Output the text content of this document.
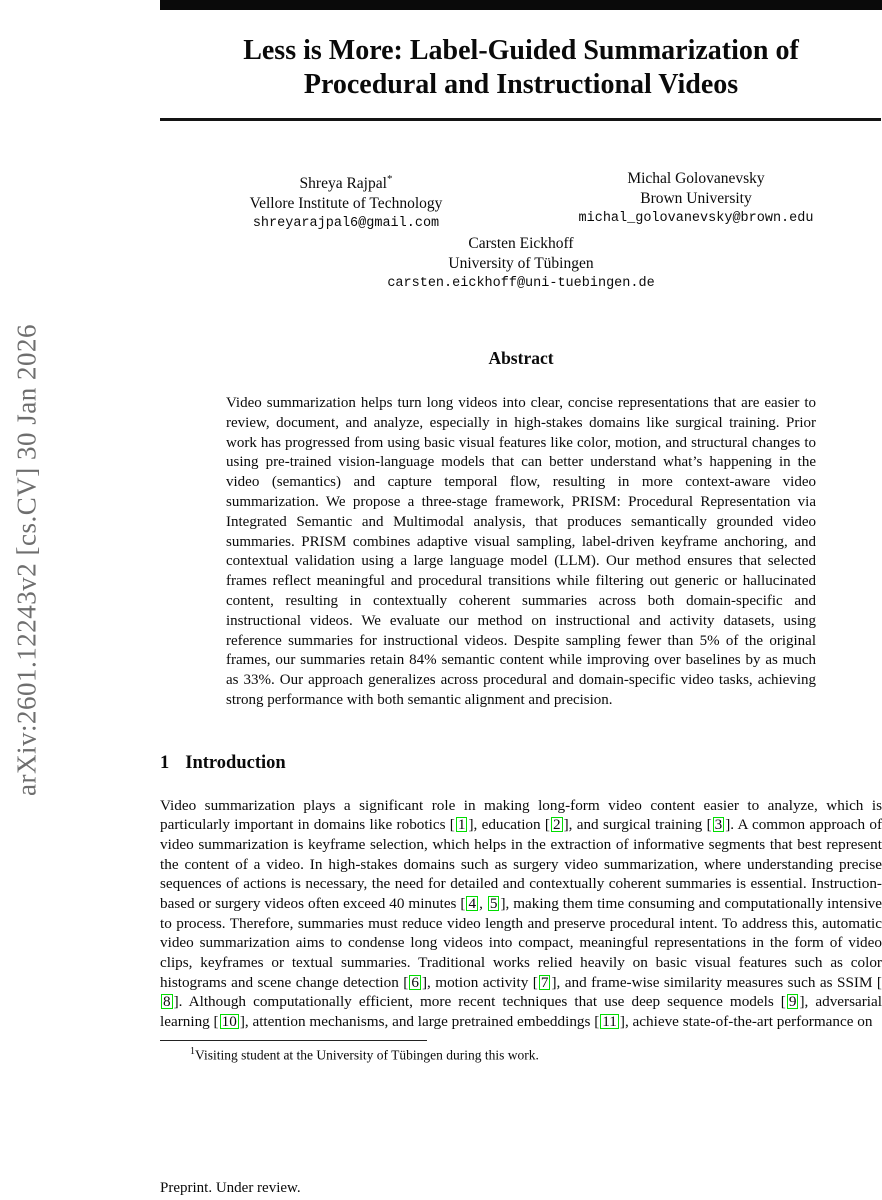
arXiv:2601.12243v2 [cs.CV] 30 Jan 2026
Less is More: Label-Guided Summarization of Procedural and Instructional Videos
Shreya Rajpal*
Vellore Institute of Technology
shreyarajpal6@gmail.com
Michal Golovanevsky
Brown University
michal_golovanevsky@brown.edu
Carsten Eickhoff
University of Tübingen
carsten.eickhoff@uni-tuebingen.de
Abstract
Video summarization helps turn long videos into clear, concise representations that are easier to review, document, and analyze, especially in high-stakes domains like surgical training. Prior work has progressed from using basic visual features like color, motion, and structural changes to using pre-trained vision-language models that can better understand what’s happening in the video (semantics) and capture temporal flow, resulting in more context-aware video summarization. We propose a three-stage framework, PRISM: Procedural Representation via Integrated Semantic and Multimodal analysis, that produces semantically grounded video summaries. PRISM combines adaptive visual sampling, label-driven keyframe anchoring, and contextual validation using a large language model (LLM). Our method ensures that selected frames reflect meaningful and procedural transitions while filtering out generic or hallucinated content, resulting in contextually coherent summaries across both domain-specific and instructional videos. We evaluate our method on instructional and activity datasets, using reference summaries for instructional videos. Despite sampling fewer than 5% of the original frames, our summaries retain 84% semantic content while improving over baselines by as much as 33%. Our approach generalizes across procedural and domain-specific video tasks, achieving strong performance with both semantic alignment and precision.
1 Introduction
Video summarization plays a significant role in making long-form video content easier to analyze, which is particularly important in domains like robotics [ 1 ], education [ 2 ], and surgical training [ 3 ]. A common approach of video summarization is keyframe selection, which helps in the extraction of informative segments that best represent the content of a video. In high-stakes domains such as surgery video summarization, where understanding precise sequences of actions is necessary, the need for detailed and contextually coherent summaries is essential. Instruction-based or surgery videos often exceed 40 minutes [ 4 , 5 ], making them time consuming and computationally intensive to process. Therefore, summaries must reduce video length and preserve procedural intent. To address this, automatic video summarization aims to condense long videos into compact, meaningful representations in the form of video clips, keyframes or textual summaries. Traditional works relied heavily on basic visual features such as color histograms and scene change detection [ 6 ], motion activity [ 7 ], and frame-wise similarity measures such as SSIM [8 ]. Although computationally efficient, more recent techniques that use deep sequence models [ 9 ], adversarial learning [ 10 ], attention mechanisms, and large pretrained embeddings [ 11 ], achieve state-of-the-art performance on
$^1$Visiting student at the University of Tübingen during this work.
Preprint. Under review.
